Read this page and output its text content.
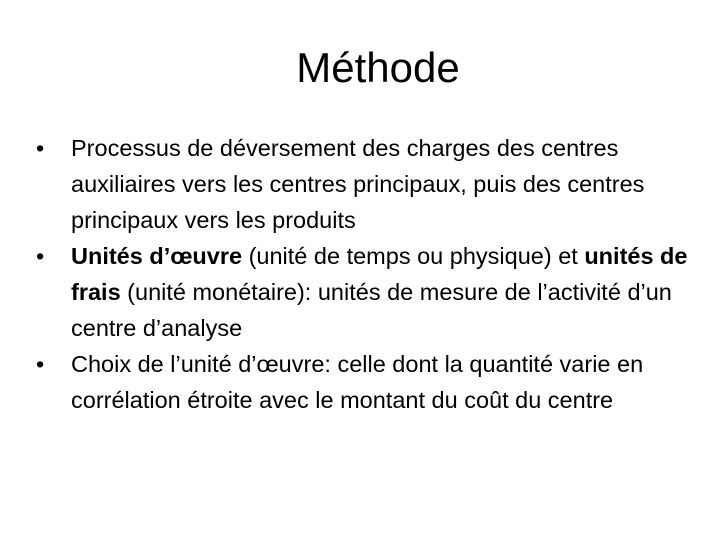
Méthode
•	Processus de déversement des charges des centres auxiliaires vers les centres principaux, puis des centres principaux vers les produits
•	Unités d’œuvre (unité de temps ou physique) et unités de frais (unité monétaire): unités de mesure de l’activité d’un centre d’analyse
•	Choix de l’unité d’œuvre: celle dont la quantité varie en corrélation étroite avec le montant du coût du centre
